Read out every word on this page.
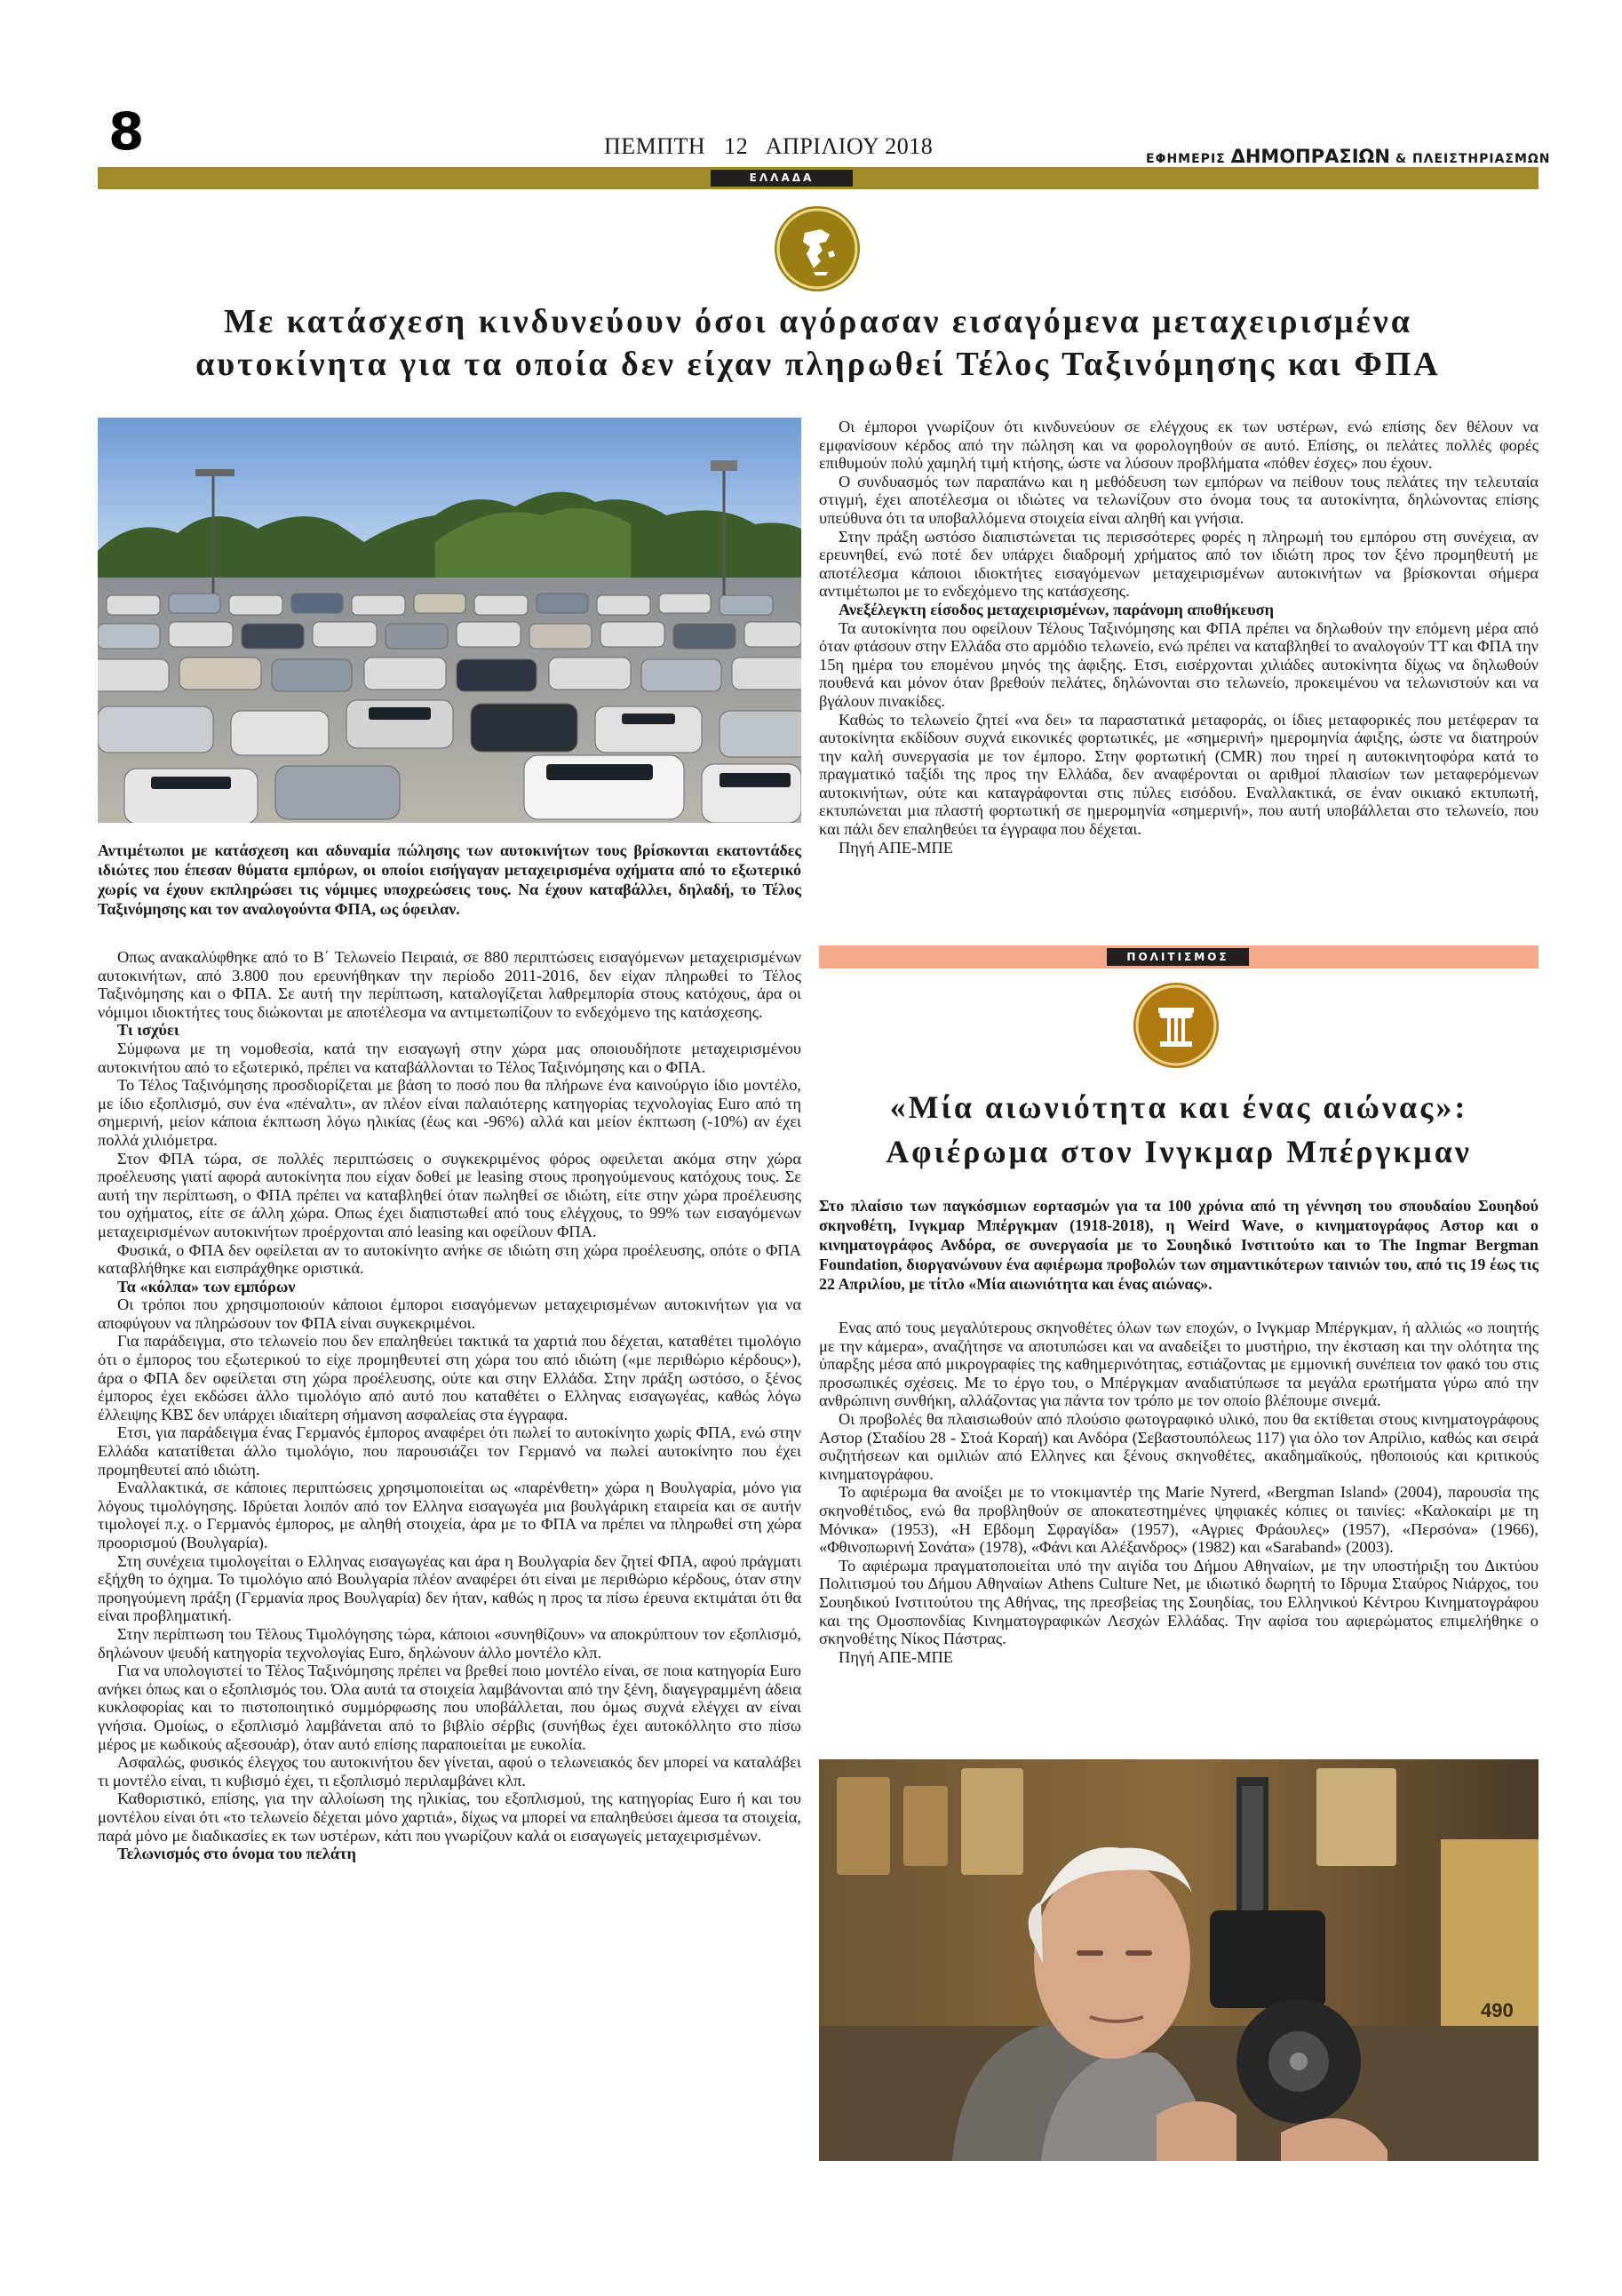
8	ΠΕΜΠΤΗ   12   ΑΠΡΙΛΙΟΥ 2018	ΕΦΗΜΕΡΙΣ ΔΗΜΟΠΡΑΣΙΩΝ & ΠΛΕΙΣΤΗΡΙΑΣΜΩΝ
ΕΛΛΑΔΑ
Με κατάσχεση κινδυνεύουν όσοι αγόρασαν εισαγόμενα μεταχειρισμένα
αυτοκίνητα για τα οποία δεν είχαν πληρωθεί Τέλος Ταξινόμησης και ΦΠΑ
Αντιμέτωποι με κατάσχεση και αδυναμία πώλησης των αυτοκινήτων τους βρίσκονται εκατοντάδες ιδιώτες που έπεσαν θύματα εμπόρων, οι οποίοι εισήγαγαν μεταχειρισμένα οχήματα από το εξωτερικό χωρίς να έχουν εκπληρώσει τις νόμιμες υποχρεώσεις τους. Να έχουν καταβάλλει, δηλαδή, το Τέλος Ταξινόμησης και τον αναλογούντα ΦΠΑ, ως όφειλαν.

Οπως ανακαλύφθηκε από το Β΄ Τελωνείο Πειραιά, σε 880 περιπτώσεις εισαγόμενων μεταχειρισμένων αυτοκινήτων, από 3.800 που ερευνήθηκαν την περίοδο 2011-2016, δεν είχαν πληρωθεί το Τέλος Ταξινόμησης και ο ΦΠΑ. Σε αυτή την περίπτωση, καταλογίζεται λαθρεμπορία στους κατόχους, άρα οι νόμιμοι ιδιοκτήτες τους διώκονται με αποτέλεσμα να αντιμετωπίζουν το ενδεχόμενο της κατάσχεσης.

Τι ισχύει

Σύμφωνα με τη νομοθεσία, κατά την εισαγωγή στην χώρα μας οποιουδήποτε μεταχειρισμένου αυτοκινήτου από το εξωτερικό, πρέπει να καταβάλλονται το Τέλος Ταξινόμησης και ο ΦΠΑ.

Το Τέλος Ταξινόμησης προσδιορίζεται με βάση το ποσό που θα πλήρωνε ένα καινούργιο ίδιο μοντέλο, με ίδιο εξοπλισμό, συν ένα «πέναλτι», αν πλέον είναι παλαιότερης κατηγορίας τεχνολογίας Euro από τη σημερινή, μείον κάποια έκπτωση λόγω ηλικίας (έως και -96%) αλλά και μείον έκπτωση (-10%) αν έχει πολλά χιλιόμετρα.

Στον ΦΠΑ τώρα, σε πολλές περιπτώσεις ο συγκεκριμένος φόρος οφειλεται ακόμα στην χώρα προέλευσης γιατί αφορά αυτοκίνητα που είχαν δοθεί με leasing στους προηγούμενους κατόχους τους. Σε αυτή την περίπτωση, ο ΦΠΑ πρέπει να καταβληθεί όταν πωληθεί σε ιδιώτη, είτε στην χώρα προέλευσης του οχήματος, είτε σε άλλη χώρα. Οπως έχει διαπιστωθεί από τους ελέγχους, το 99% των εισαγόμενων μεταχειρισμένων αυτοκινήτων προέρχονται από leasing και οφείλουν ΦΠΑ.

Φυσικά, ο ΦΠΑ δεν οφείλεται αν το αυτοκίνητο ανήκε σε ιδιώτη στη χώρα προέλευσης, οπότε ο ΦΠΑ καταβλήθηκε και εισπράχθηκε οριστικά.

Τα «κόλπα» των εμπόρων

Οι τρόποι που χρησιμοποιούν κάποιοι έμποροι εισαγόμενων μεταχειρισμένων αυτοκινήτων για να αποφύγουν να πληρώσουν τον ΦΠΑ είναι συγκεκριμένοι.

Για παράδειγμα, στο τελωνείο που δεν επαληθεύει τακτικά τα χαρτιά που δέχεται, καταθέτει τιμολόγιο ότι ο έμπορος του εξωτερικού το είχε προμηθευτεί στη χώρα του από ιδιώτη («με περιθώριο κέρδους»), άρα ο ΦΠΑ δεν οφείλεται στη χώρα προέλευσης, ούτε και στην Ελλάδα. Στην πράξη ωστόσο, ο ξένος έμπορος έχει εκδώσει άλλο τιμολόγιο από αυτό που καταθέτει ο Ελληνας εισαγωγέας, καθώς λόγω έλλειψης ΚΒΣ δεν υπάρχει ιδιαίτερη σήμανση ασφαλείας στα έγγραφα.

Ετσι, για παράδειγμα ένας Γερμανός έμπορος αναφέρει ότι πωλεί το αυτοκίνητο χωρίς ΦΠΑ, ενώ στην Ελλάδα κατατίθεται άλλο τιμολόγιο, που παρουσιάζει τον Γερμανό να πωλεί αυτοκίνητο που έχει προμηθευτεί από ιδιώτη.

Εναλλακτικά, σε κάποιες περιπτώσεις χρησιμοποιείται ως «παρένθετη» χώρα η Βουλγαρία, μόνο για λόγους τιμολόγησης. Ιδρύεται λοιπόν από τον Ελληνα εισαγωγέα μια βουλγάρικη εταιρεία και σε αυτήν τιμολογεί π.χ. ο Γερμανός έμπορος, με αληθή στοιχεία, άρα με το ΦΠΑ να πρέπει να πληρωθεί στη χώρα προορισμού (Βουλγαρία).

Στη συνέχεια τιμολογείται ο Ελληνας εισαγωγέας και άρα η Βουλγαρία δεν ζητεί ΦΠΑ, αφού πράγματι εξήχθη το όχημα. Το τιμολόγιο από Βουλγαρία πλέον αναφέρει ότι είναι με περιθώριο κέρδους, όταν στην προηγούμενη πράξη (Γερμανία προς Βουλγαρία) δεν ήταν, καθώς η προς τα πίσω έρευνα εκτιμάται ότι θα είναι προβληματική.

Στην περίπτωση του Τέλους Τιμολόγησης τώρα, κάποιοι «συνηθίζουν» να αποκρύπτουν τον εξοπλισμό, δηλώνουν ψευδή κατηγορία τεχνολογίας Euro, δηλώνουν άλλο μοντέλο κλπ.

Για να υπολογιστεί το Τέλος Ταξινόμησης πρέπει να βρεθεί ποιο μοντέλο είναι, σε ποια κατηγορία Euro ανήκει όπως και ο εξοπλισμός του. Όλα αυτά τα στοιχεία λαμβάνονται από την ξένη, διαγεγραμμένη άδεια κυκλοφορίας και το πιστοποιητικό συμμόρφωσης που υποβάλλεται, που όμως συχνά ελέγχει αν είναι γνήσια. Ομοίως, ο εξοπλισμό λαμβάνεται από το βιβλίο σέρβις (συνήθως έχει αυτοκόλλητο στο πίσω μέρος με κωδικούς αξεσουάρ), όταν αυτό επίσης παραποιείται με ευκολία.

Ασφαλώς, φυσικός έλεγχος του αυτοκινήτου δεν γίνεται, αφού ο τελωνειακός δεν μπορεί να καταλάβει τι μοντέλο είναι, τι κυβισμό έχει, τι εξοπλισμό περιλαμβάνει κλπ.

Καθοριστικό, επίσης, για την αλλοίωση της ηλικίας, του εξοπλισμού, της κατηγορίας Euro ή και του μοντέλου είναι ότι «το τελωνείο δέχεται μόνο χαρτιά», δίχως να μπορεί να επαληθεύσει άμεσα τα στοιχεία, παρά μόνο με διαδικασίες εκ των υστέρων, κάτι που γνωρίζουν καλά οι εισαγωγείς μεταχειρισμένων.

Τελωνισμός στο όνομα του πελάτη

Οι έμποροι γνωρίζουν ότι κινδυνεύουν σε ελέγχους εκ των υστέρων, ενώ επίσης δεν θέλουν να εμφανίσουν κέρδος από την πώληση και να φορολογηθούν σε αυτό. Επίσης, οι πελάτες πολλές φορές επιθυμούν πολύ χαμηλή τιμή κτήσης, ώστε να λύσουν προβλήματα «πόθεν έσχες» που έχουν.

Ο συνδυασμός των παραπάνω και η μεθόδευση των εμπόρων να πείθουν τους πελάτες την τελευταία στιγμή, έχει αποτέλεσμα οι ιδιώτες να τελωνίζουν στο όνομα τους τα αυτοκίνητα, δηλώνοντας επίσης υπεύθυνα ότι τα υποβαλλόμενα στοιχεία είναι αληθή και γνήσια.

Στην πράξη ωστόσο διαπιστώνεται τις περισσότερες φορές η πληρωμή του εμπόρου στη συνέχεια, αν ερευνηθεί, ενώ ποτέ δεν υπάρχει διαδρομή χρήματος από τον ιδιώτη προς τον ξένο προμηθευτή με αποτέλεσμα κάποιοι ιδιοκτήτες εισαγόμενων μεταχειρισμένων αυτοκινήτων να βρίσκονται σήμερα αντιμέτωποι με το ενδεχόμενο της κατάσχεσης.

Ανεξέλεγκτη είσοδος μεταχειρισμένων, παράνομη αποθήκευση

Τα αυτοκίνητα που οφείλουν Τέλους Ταξινόμησης και ΦΠΑ πρέπει να δηλωθούν την επόμενη μέρα από όταν φτάσουν στην Ελλάδα στο αρμόδιο τελωνείο, ενώ πρέπει να καταβληθεί το αναλογούν ΤΤ και ΦΠΑ την 15η ημέρα του επομένου μηνός της άφιξης. Ετσι, εισέρχονται χιλιάδες αυτοκίνητα δίχως να δηλωθούν πουθενά και μόνον όταν βρεθούν πελάτες, δηλώνονται στο τελωνείο, προκειμένου να τελωνιστούν και να βγάλουν πινακίδες.

Καθώς το τελωνείο ζητεί «να δει» τα παραστατικά μεταφοράς, οι ίδιες μεταφορικές που μετέφεραν τα αυτοκίνητα εκδίδουν συχνά εικονικές φορτωτικές, με «σημερινή» ημερομηνία άφιξης, ώστε να διατηρούν την καλή συνεργασία με τον έμπορο. Στην φορτωτική (CMR) που τηρεί η αυτοκινητοφόρα κατά το πραγματικό ταξίδι της προς την Ελλάδα, δεν αναφέρονται οι αριθμοί πλαισίων των μεταφερόμενων αυτοκινήτων, ούτε και καταγράφονται στις πύλες εισόδου. Εναλλακτικά, σε έναν οικιακό εκτυπωτή, εκτυπώνεται μια πλαστή φορτωτική σε ημερομηνία «σημερινή», που αυτή υποβάλλεται στο τελωνείο, που και πάλι δεν επαληθεύει τα έγγραφα που δέχεται.

Πηγή ΑΠΕ-ΜΠΕ

ΠΟΛΙΤΙΣΜΟΣ
«Μία αιωνιότητα και ένας αιώνας»:
Αφιέρωμα στον Ινγκμαρ Μπέργκμαν
Στο πλαίσιο των παγκόσμιων εορτασμών για τα 100 χρόνια από τη γέννηση του σπουδαίου Σουηδού σκηνοθέτη, Ινγκμαρ Μπέργκμαν (1918-2018), η Weird Wave, ο κινηματογράφος Αστορ και ο κινηματογράφος Ανδόρα, σε συνεργασία με το Σουηδικό Ινστιτούτο και το The Ingmar Bergman Foundation, διοργανώνουν ένα αφιέρωμα προβολών των σημαντικότερων ταινιών του, από τις 19 έως τις 22 Απριλίου, με τίτλο «Μία αιωνιότητα και ένας αιώνας».

Ενας από τους μεγαλύτερους σκηνοθέτες όλων των εποχών, ο Ινγκμαρ Μπέργκμαν, ή αλλιώς «ο ποιητής με την κάμερα», αναζήτησε να αποτυπώσει και να αναδείξει το μυστήριο, την έκσταση και την ολότητα της ύπαρξης μέσα από μικρογραφίες της καθημερινότητας, εστιάζοντας με εμμονική συνέπεια τον φακό του στις προσωπικές σχέσεις. Με το έργο του, ο Μπέργκμαν αναδιατύπωσε τα μεγάλα ερωτήματα γύρω από την ανθρώπινη συνθήκη, αλλάζοντας για πάντα τον τρόπο με τον οποίο βλέπουμε σινεμά.

Οι προβολές θα πλαισιωθούν από πλούσιο φωτογραφικό υλικό, που θα εκτίθεται στους κινηματογράφους Αστορ (Σταδίου 28 - Στοά Κοραή) και Ανδόρα (Σεβαστουπόλεως 117) για όλο τον Απρίλιο, καθώς και σειρά συζητήσεων και ομιλιών από Ελληνες και ξένους σκηνοθέτες, ακαδημαϊκούς, ηθοποιούς και κριτικούς κινηματογράφου.

Το αφιέρωμα θα ανοίξει με το ντοκιμαντέρ της Marie Nyrerd, «Bergman Island» (2004), παρουσία της σκηνοθέτιδος, ενώ θα προβληθούν σε αποκατεστημένες ψηφιακές κόπιες οι ταινίες: «Καλοκαίρι με τη Μόνικα» (1953), «Η Εβδομη Σφραγίδα» (1957), «Αγριες Φράουλες» (1957), «Περσόνα» (1966), «Φθινοπωρινή Σονάτα» (1978), «Φάνι και Αλέξανδρος» (1982) και «Saraband» (2003).

Το αφιέρωμα πραγματοποιείται υπό την αιγίδα του Δήμου Αθηναίων, με την υποστήριξη του Δικτύου Πολιτισμού του Δήμου Αθηναίων Athens Culture Net, με ιδιωτικό δωρητή το Ιδρυμα Σταύρος Νιάρχος, του Σουηδικού Ινστιτούτου της Αθήνας, της πρεσβείας της Σουηδίας, του Ελληνικού Κέντρου Κινηματογράφου και της Ομοσπονδίας Κινηματογραφικών Λεσχών Ελλάδας. Την αφίσα του αφιερώματος επιμελήθηκε ο σκηνοθέτης Νίκος Πάστρας.

Πηγή ΑΠΕ-ΜΠΕ

490
